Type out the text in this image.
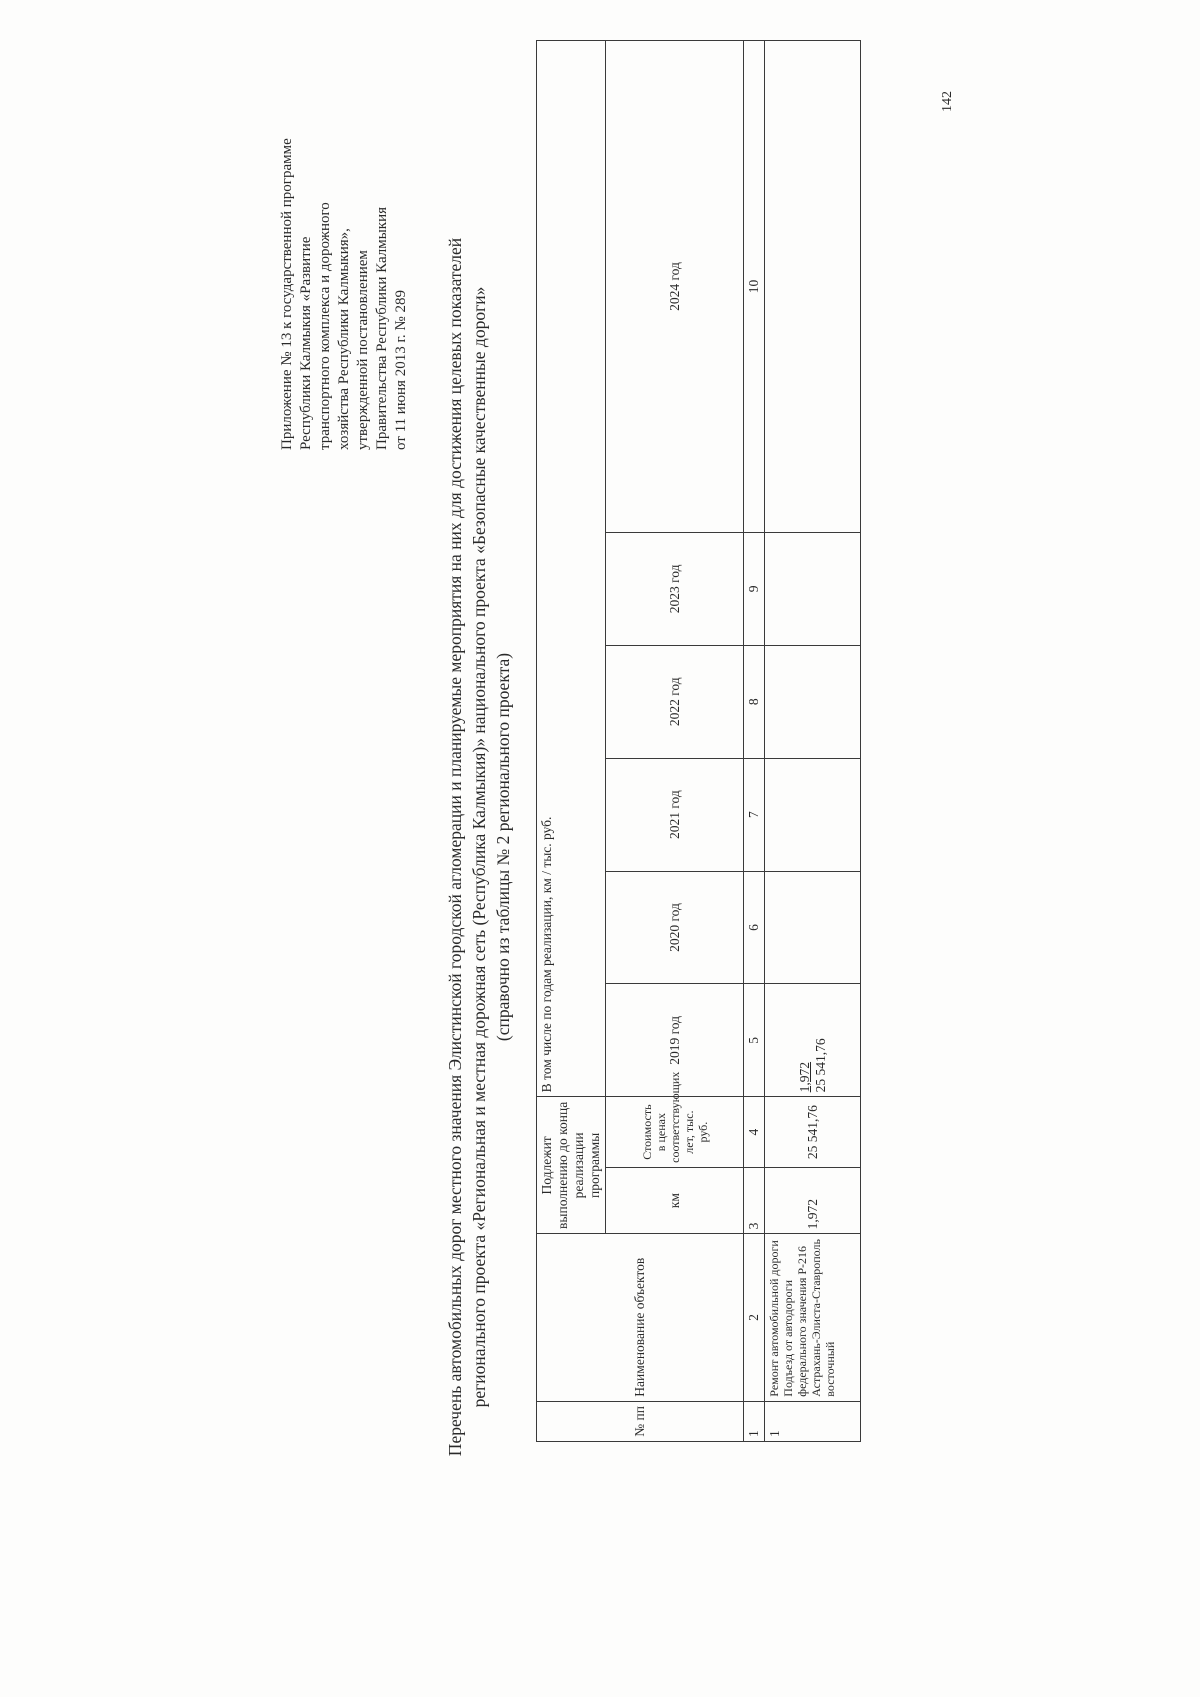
142
Приложение № 13 к государственной программе Республики Калмыкия «Развитие транспортного комплекса и дорожного хозяйства Республики Калмыкия», утвержденной постановлением Правительства Республики Калмыкия от 11 июня 2013 г. № 289 Перечень автомобильных дорог местного значения Элистинской городской агломерации и планируемые мероприятия на них для достижения целевых показателей регионального проекта «Региональная и местная дорожная сеть (Республика Калмыкия)» национального проекта «Безопасные качественные дороги» (справочно из таблицы № 2 регионального проекта)
№ пп	Наименование объектов	Подлежит выполнению до конца реализации программы		В том числе по годам реализации, км / тыс. руб.					
		км	Стоимость в ценах соответствующих лет, тыс. руб.	2019 год	2020 год	2021 год	2022 год	2023 год	2024 год
1	2	3	4	5	6	7	8	9	10
1	Ремонт автомобильной дороги Подъезд от автодороги федерального значения Р-216 Астрахань-Элиста-Ставрополь восточный	1,972	25 541,76	1,972 25 541,76					
